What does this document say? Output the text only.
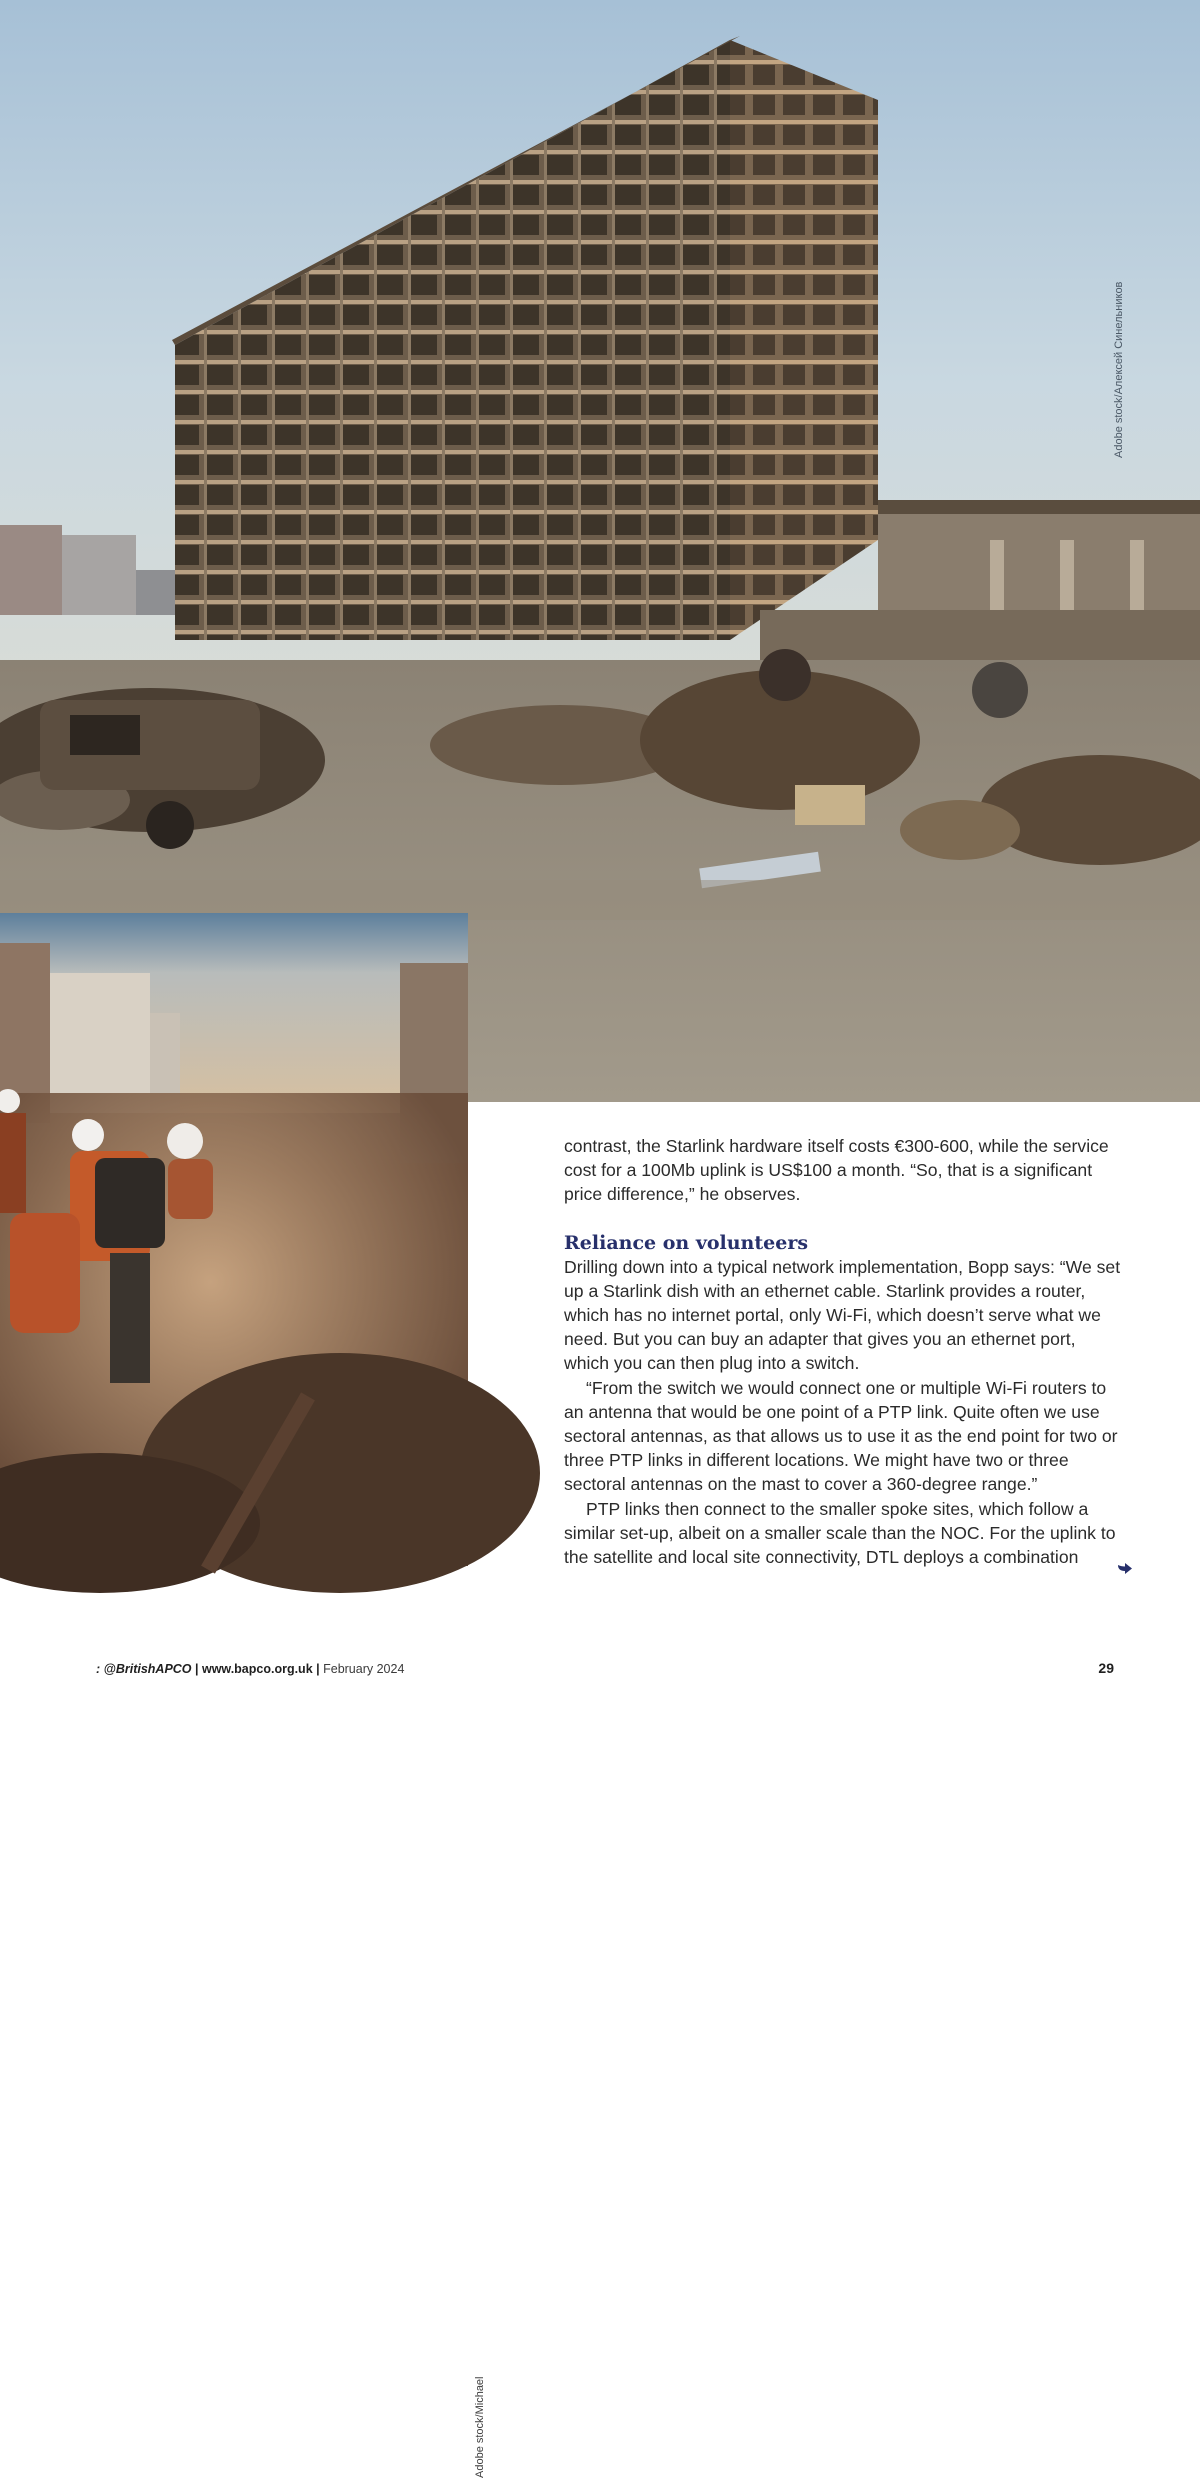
Adobe stock/Алексей Синельников
Adobe stock/Michael

contrast, the Starlink hardware itself costs €300-600, while the service cost for a 100Mb uplink is US$100 a month. “So, that is a significant price difference,” he observes.

Reliance on volunteers

Drilling down into a typical network implementation, Bopp says: “We set up a Starlink dish with an ethernet cable. Starlink provides a router, which has no internet portal, only Wi-Fi, which doesn’t serve what we need. But you can buy an adapter that gives you an ethernet port, which you can then plug into a switch.

“From the switch we would connect one or multiple Wi-Fi routers to an antenna that would be one point of a PTP link. Quite often we use sectoral antennas, as that allows us to use it as the end point for two or three PTP links in different locations. We might have two or three sectoral antennas on the mast to cover a 360-degree range.”

PTP links then connect to the smaller spoke sites, which follow a similar set-up, albeit on a smaller scale than the NOC. For the uplink to the satellite and local site connectivity, DTL deploys a combination

: @BritishAPCO | www.bapco.org.uk | February 2024	29
